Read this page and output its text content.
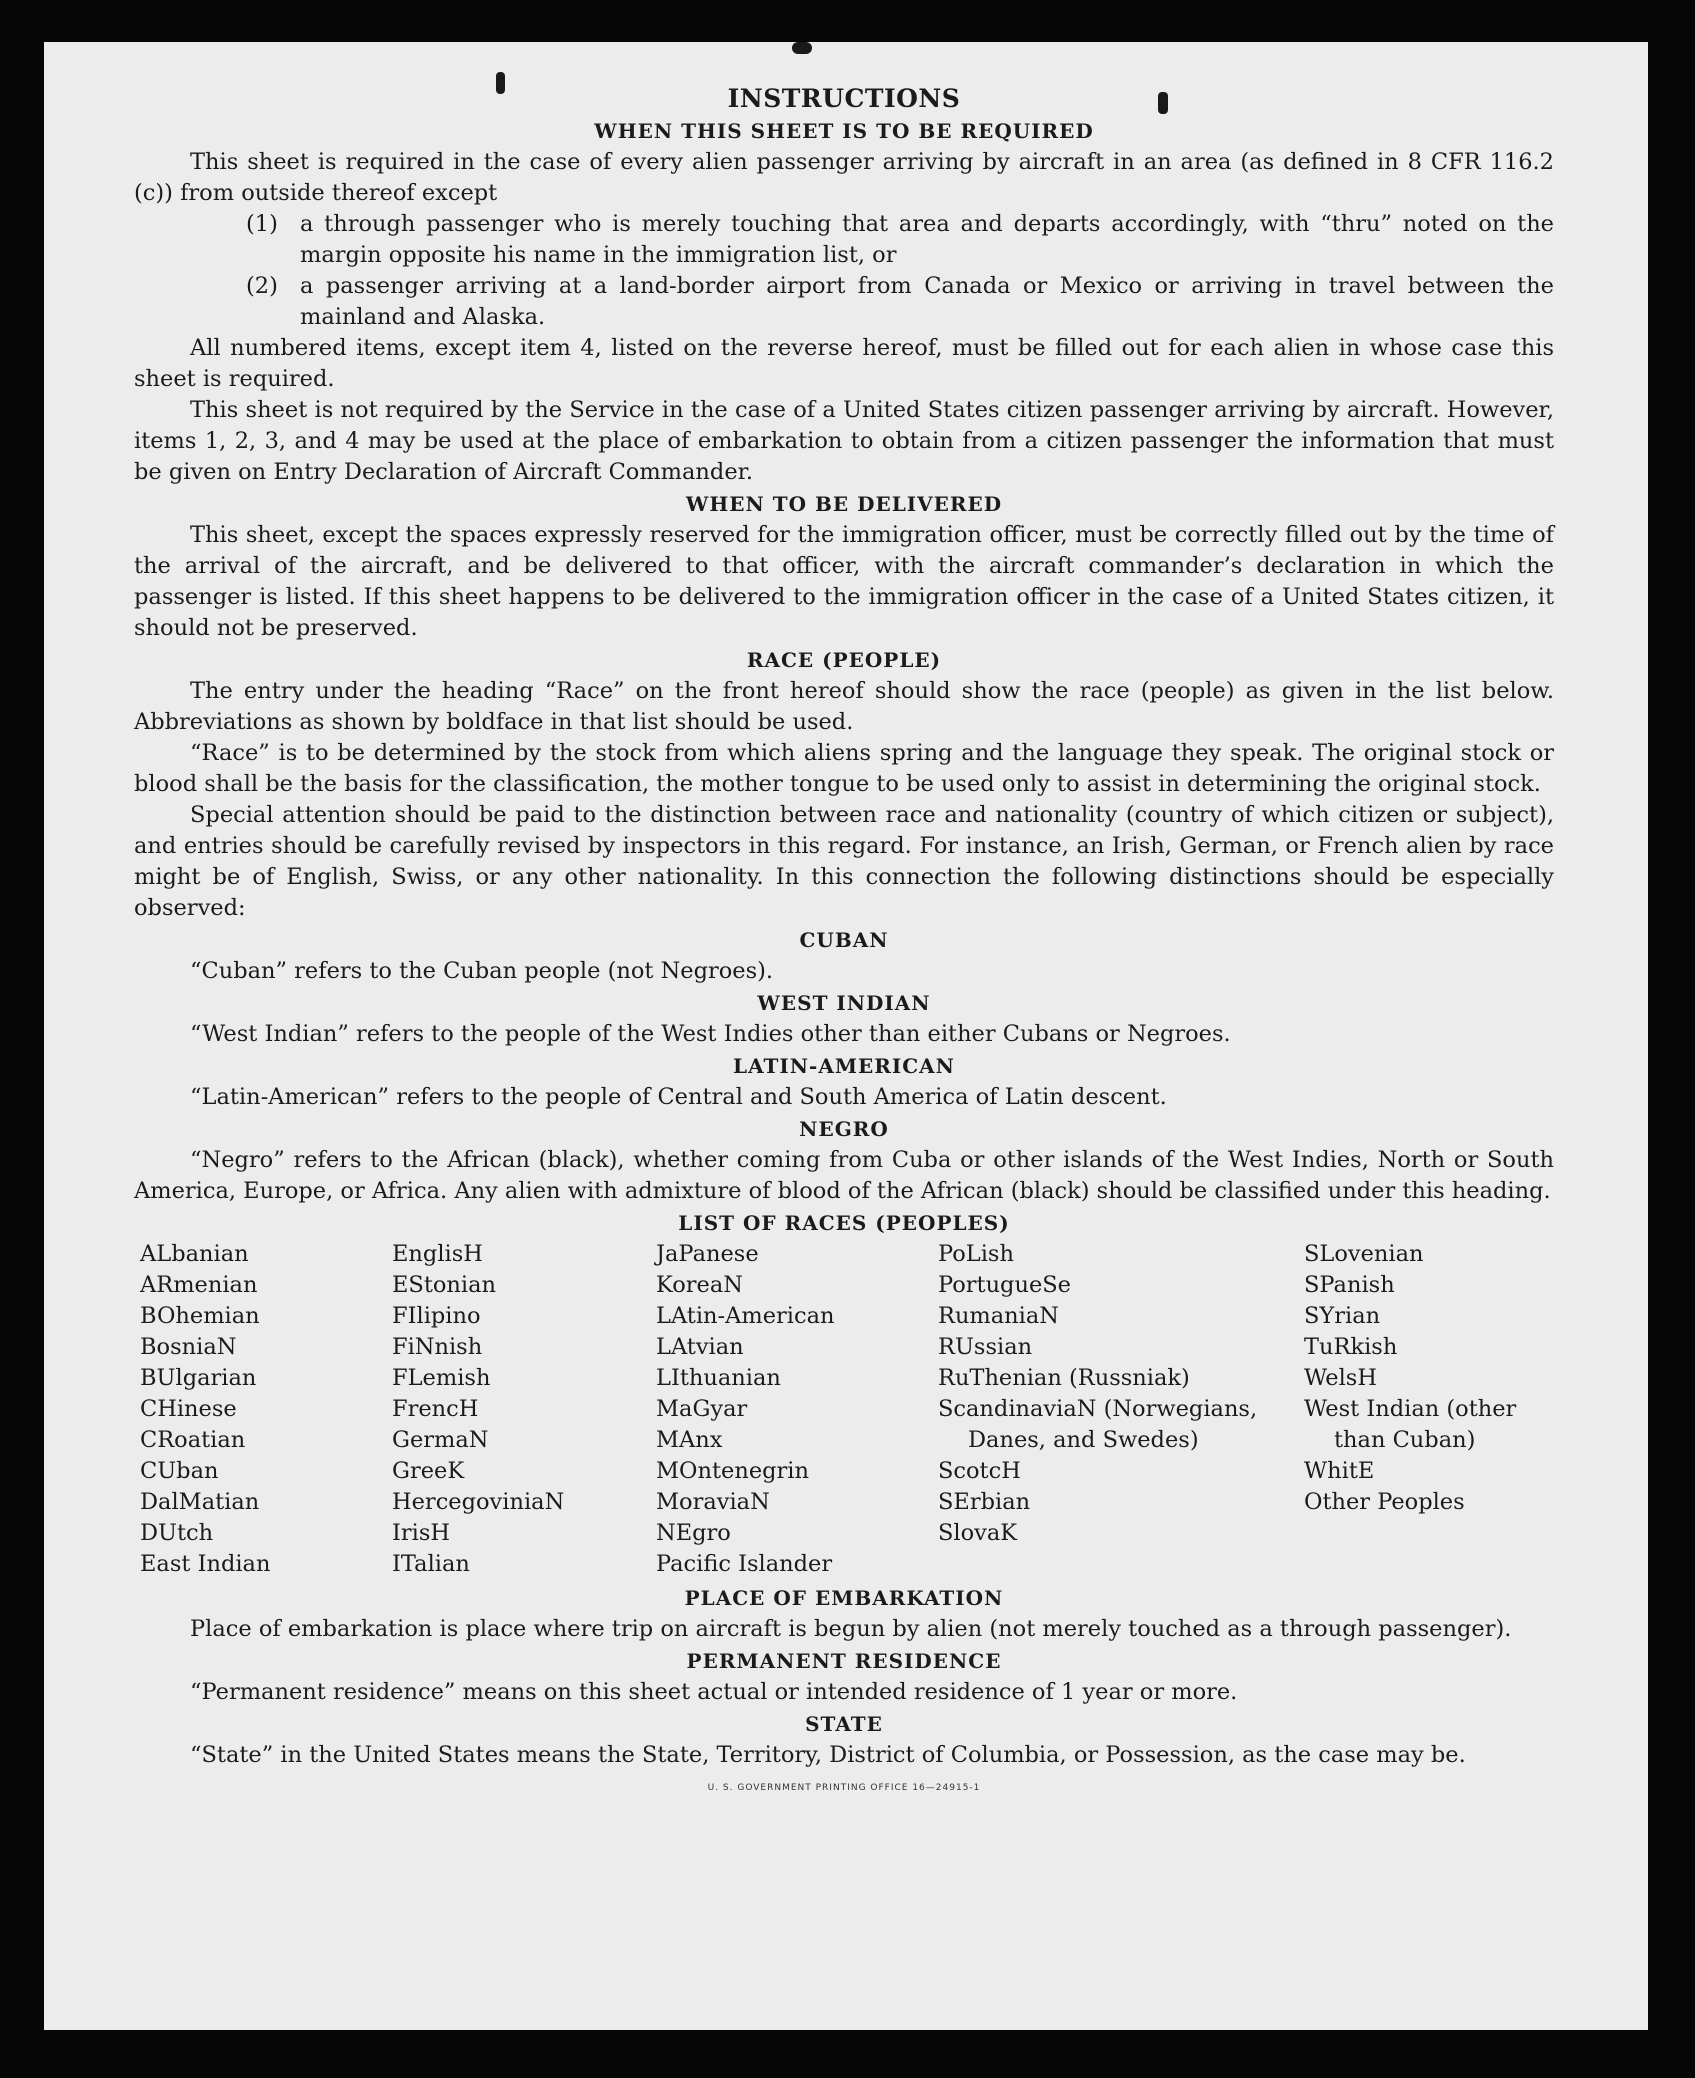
INSTRUCTIONS
WHEN THIS SHEET IS TO BE REQUIRED

This sheet is required in the case of every alien passenger arriving by aircraft in an area (as defined in 8 CFR 116.2 (c)) from outside thereof except

(1) a through passenger who is merely touching that area and departs accordingly, with “thru” noted on the margin opposite his name in the immigration list, or

(2) a passenger arriving at a land-border airport from Canada or Mexico or arriving in travel between the mainland and Alaska.

All numbered items, except item 4, listed on the reverse hereof, must be filled out for each alien in whose case this sheet is required.

This sheet is not required by the Service in the case of a United States citizen passenger arriving by aircraft. However, items 1, 2, 3, and 4 may be used at the place of embarkation to obtain from a citizen passenger the information that must be given on Entry Declaration of Aircraft Commander.

WHEN TO BE DELIVERED

This sheet, except the spaces expressly reserved for the immigration officer, must be correctly filled out by the time of the arrival of the aircraft, and be delivered to that officer, with the aircraft commander’s declaration in which the passenger is listed. If this sheet happens to be delivered to the immigration officer in the case of a United States citizen, it should not be preserved.

RACE (PEOPLE)

The entry under the heading “Race” on the front hereof should show the race (people) as given in the list below. Abbreviations as shown by boldface in that list should be used.

“Race” is to be determined by the stock from which aliens spring and the language they speak. The original stock or blood shall be the basis for the classification, the mother tongue to be used only to assist in determining the original stock.

Special attention should be paid to the distinction between race and nationality (country of which citizen or subject), and entries should be carefully revised by inspectors in this regard. For instance, an Irish, German, or French alien by race might be of English, Swiss, or any other nationality. In this connection the following distinctions should be especially observed:

CUBAN

“Cuban” refers to the Cuban people (not Negroes).

WEST INDIAN

“West Indian” refers to the people of the West Indies other than either Cubans or Negroes.

LATIN-AMERICAN

“Latin-American” refers to the people of Central and South America of Latin descent.

NEGRO

“Negro” refers to the African (black), whether coming from Cuba or other islands of the West Indies, North or South America, Europe, or Africa. Any alien with admixture of blood of the African (black) should be classified under this heading.

LIST OF RACES (PEOPLES)
ALbanian
ARmenian
BOhemian
BosniaN
BUlgarian
CHinese
CRoatian
CUban
DalMatian
DUtch
East Indian
EnglisH
EStonian
FIlipino
FiNnish
FLemish
FrencH
GermaN
GreeK
HercegoviniaN
IrisH
ITalian
JaPanese
KoreaN
LAtin-American
LAtvian
LIthuanian
MaGyar
MAnx
MOntenegrin
MoraviaN
NEgro
Pacific Islander
PoLish
PortugueSe
RumaniaN
RUssian
RuThenian (Russniak)
ScandinaviaN (Norwegians, Danes, and Swedes)
ScotcH
SErbian
SlovaK
SLovenian
SPanish
SYrian
TuRkish
WelsH
West Indian (other than Cuban)
WhitE
Other Peoples
PLACE OF EMBARKATION

Place of embarkation is place where trip on aircraft is begun by alien (not merely touched as a through passenger).

PERMANENT RESIDENCE

“Permanent residence” means on this sheet actual or intended residence of 1 year or more.

STATE

“State” in the United States means the State, Territory, District of Columbia, or Possession, as the case may be.

U. S. GOVERNMENT PRINTING OFFICE 16—24915-1
